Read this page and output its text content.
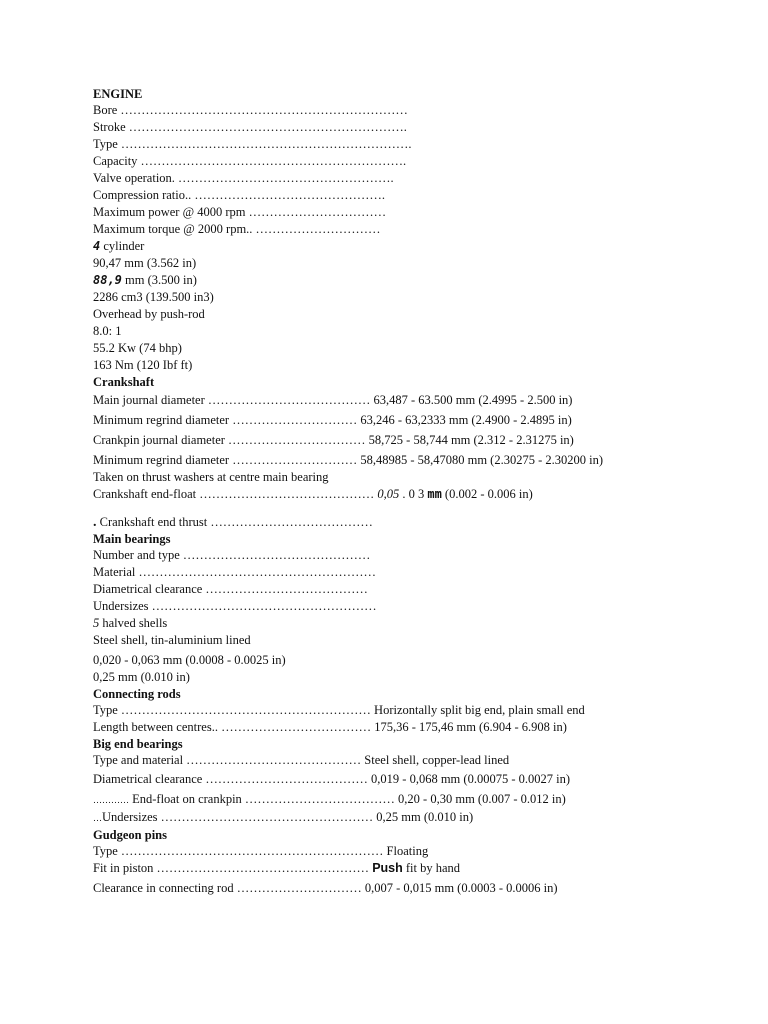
ENGINE
Bore ……………………………………………………………
Stroke ………………………………………………………….
Type …………………………………………………………….
Capacity ……………………………………………………….
Valve operation. …………………………………………….
Compression ratio.. ……………………………………….
Maximum power @ 4000 rpm ……………………………
Maximum torque @ 2000 rpm.. …………………………
4 cylinder
90,47 mm (3.562 in)
88,9 mm (3.500 in)
2286 cm3 (139.500 in3)
Overhead by push-rod
8.0: 1
55.2 Kw (74 bhp)
163 Nm (120 Ibf ft)
Crankshaft
Main journal diameter ………………………………… 63,487 - 63.500 mm (2.4995 - 2.500 in)
Minimum regrind diameter ………………………… 63,246 - 63,2333 mm (2.4900 - 2.4895 in)
Crankpin journal diameter …………………………… 58,725 - 58,744 mm (2.312 - 2.31275 in)
Minimum regrind diameter ………………………… 58,48985 - 58,47080 mm (2.30275 - 2.30200 in)
Taken on thrust washers at centre main bearing
Crankshaft end-float …………………………………… 0,05 . 0 3 mm (0.002 - 0.006 in)
. Crankshaft end thrust …………………………………
Main bearings
Number and type ………………………………………
Material …………………………………………………
Diametrical clearance …………………………………
Undersizes ………………………………………………
5 halved shells
Steel shell, tin-aluminium lined
0,020 - 0,063 mm (0.0008 - 0.0025 in)
0,25 mm (0.010 in)
Connecting rods
Type …………………………………………………… Horizontally split big end, plain small end
Length between centres.. ……………………………… 175,36 - 175,46 mm (6.904 - 6.908 in)
Big end bearings
Type and material …………………………………… Steel shell, copper-lead lined
Diametrical clearance ………………………………… 0,019 - 0,068 mm (0.00075 - 0.0027 in)
………… End-float on crankpin ……………………………… 0,20 - 0,30 mm (0.007 - 0.012 in)
…Undersizes …………………………………………… 0,25 mm (0.010 in)
Gudgeon pins
Type ……………………………………………………… Floating
Fit in piston …………………………………………… Push fit by hand
Clearance in connecting rod ………………………… 0,007 - 0,015 mm (0.0003 - 0.0006 in)
